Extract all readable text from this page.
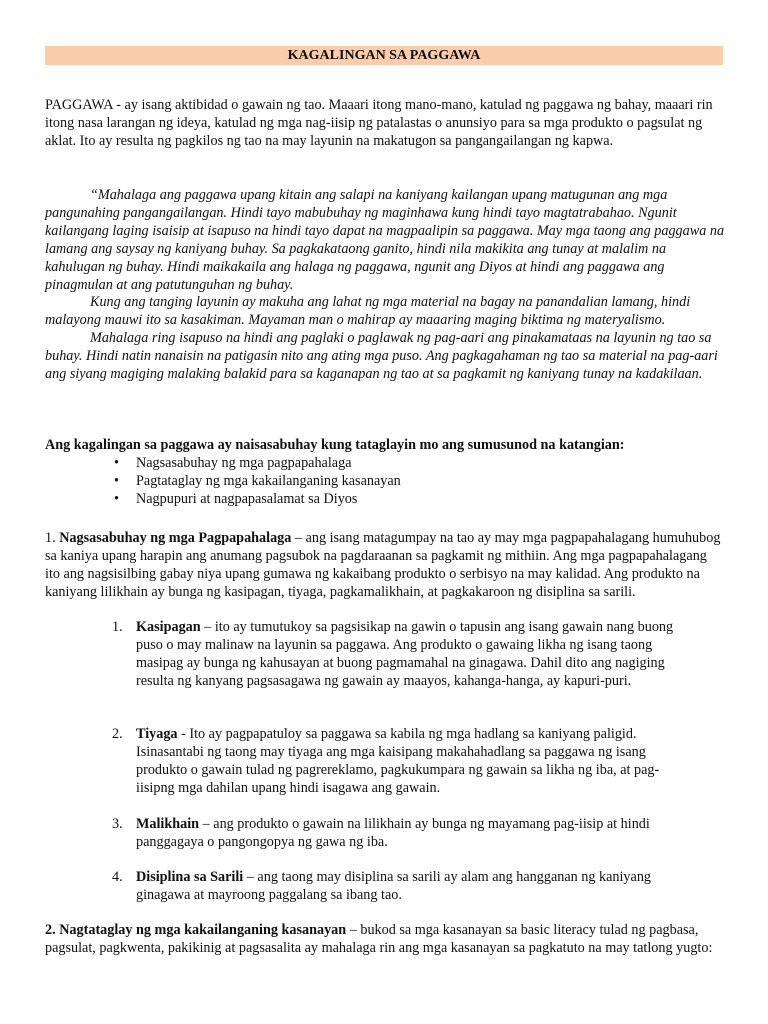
KAGALINGAN SA PAGGAWA

PAGGAWA - ay isang aktibidad o gawain ng tao. Maaari itong mano-mano, katulad ng paggawa ng bahay, maaari rin itong nasa larangan ng ideya, katulad ng mga nag-iisip ng patalastas o anunsiyo para sa mga produkto o pagsulat ng aklat. Ito ay resulta ng pagkilos ng tao na may layunin na makatugon sa pangangailangan ng kapwa.

“Mahalaga ang paggawa upang kitain ang salapi na kaniyang kailangan upang matugunan ang mga pangunahing pangangailangan. Hindi tayo mabubuhay ng maginhawa kung hindi tayo magtatrabahao. Ngunit kailangang laging isaisip at isapuso na hindi tayo dapat na magpaalipin sa paggawa. May mga taong ang paggawa na lamang ang saysay ng kaniyang buhay. Sa pagkakataong ganito, hindi nila makikita ang tunay at malalim na kahulugan ng buhay. Hindi maikakaila ang halaga ng paggawa, ngunit ang Diyos at hindi ang paggawa ang pinagmulan at ang patutunguhan ng buhay.

Kung ang tanging layunin ay makuha ang lahat ng mga material na bagay na panandalian lamang, hindi malayong mauwi ito sa kasakiman. Mayaman man o mahirap ay maaaring maging biktima ng materyalismo.

Mahalaga ring isapuso na hindi ang paglaki o paglawak ng pag-aari ang pinakamataas na layunin ng tao sa buhay. Hindi natin nanaisin na patigasin nito ang ating mga puso. Ang pagkagahaman ng tao sa material na pag-aari ang siyang magiging malaking balakid para sa kaganapan ng tao at sa pagkamit ng kaniyang tunay na kadakilaan.

Ang kagalingan sa paggawa ay naisasabuhay kung tataglayin mo ang sumusunod na katangian:
• Nagsasabuhay ng mga pagpapahalaga
• Pagtataglay ng mga kakailanganing kasanayan
• Nagpupuri at nagpapasalamat sa Diyos

1. Nagsasabuhay ng mga Pagpapahalaga – ang isang matagumpay na tao ay may mga pagpapahalagang humuhubog sa kaniya upang harapin ang anumang pagsubok na pagdaraanan sa pagkamit ng mithiin. Ang mga pagpapahalagang ito ang nagsisilbing gabay niya upang gumawa ng kakaibang produkto o serbisyo na may kalidad. Ang produkto na kaniyang lilikhain ay bunga ng kasipagan, tiyaga, pagkamalikhain, at pagkakaroon ng disiplina sa sarili.

1. Kasipagan – ito ay tumutukoy sa pagsisikap na gawin o tapusin ang isang gawain nang buong puso o may malinaw na layunin sa paggawa. Ang produkto o gawaing likha ng isang taong masipag ay bunga ng kahusayan at buong pagmamahal na ginagawa. Dahil dito ang nagiging resulta ng kanyang pagsasagawa ng gawain ay maayos, kahanga-hanga, ay kapuri-puri.
2. Tiyaga - Ito ay pagpapatuloy sa paggawa sa kabila ng mga hadlang sa kaniyang paligid. Isinasantabi ng taong may tiyaga ang mga kaisipang makahahadlang sa paggawa ng isang produkto o gawain tulad ng pagrereklamo, pagkukumpara ng gawain sa likha ng iba, at pag-iisipng mga dahilan upang hindi isagawa ang gawain.
3. Malikhain – ang produkto o gawain na lilikhain ay bunga ng mayamang pag-iisip at hindi panggagaya o pangongopya ng gawa ng iba.
4. Disiplina sa Sarili – ang taong may disiplina sa sarili ay alam ang hangganan ng kaniyang ginagawa at mayroong paggalang sa ibang tao.

2. Nagtataglay ng mga kakailanganing kasanayan – bukod sa mga kasanayan sa basic literacy tulad ng pagbasa, pagsulat, pagkwenta, pakikinig at pagsasalita ay mahalaga rin ang mga kasanayan sa pagkatuto na may tatlong yugto:
